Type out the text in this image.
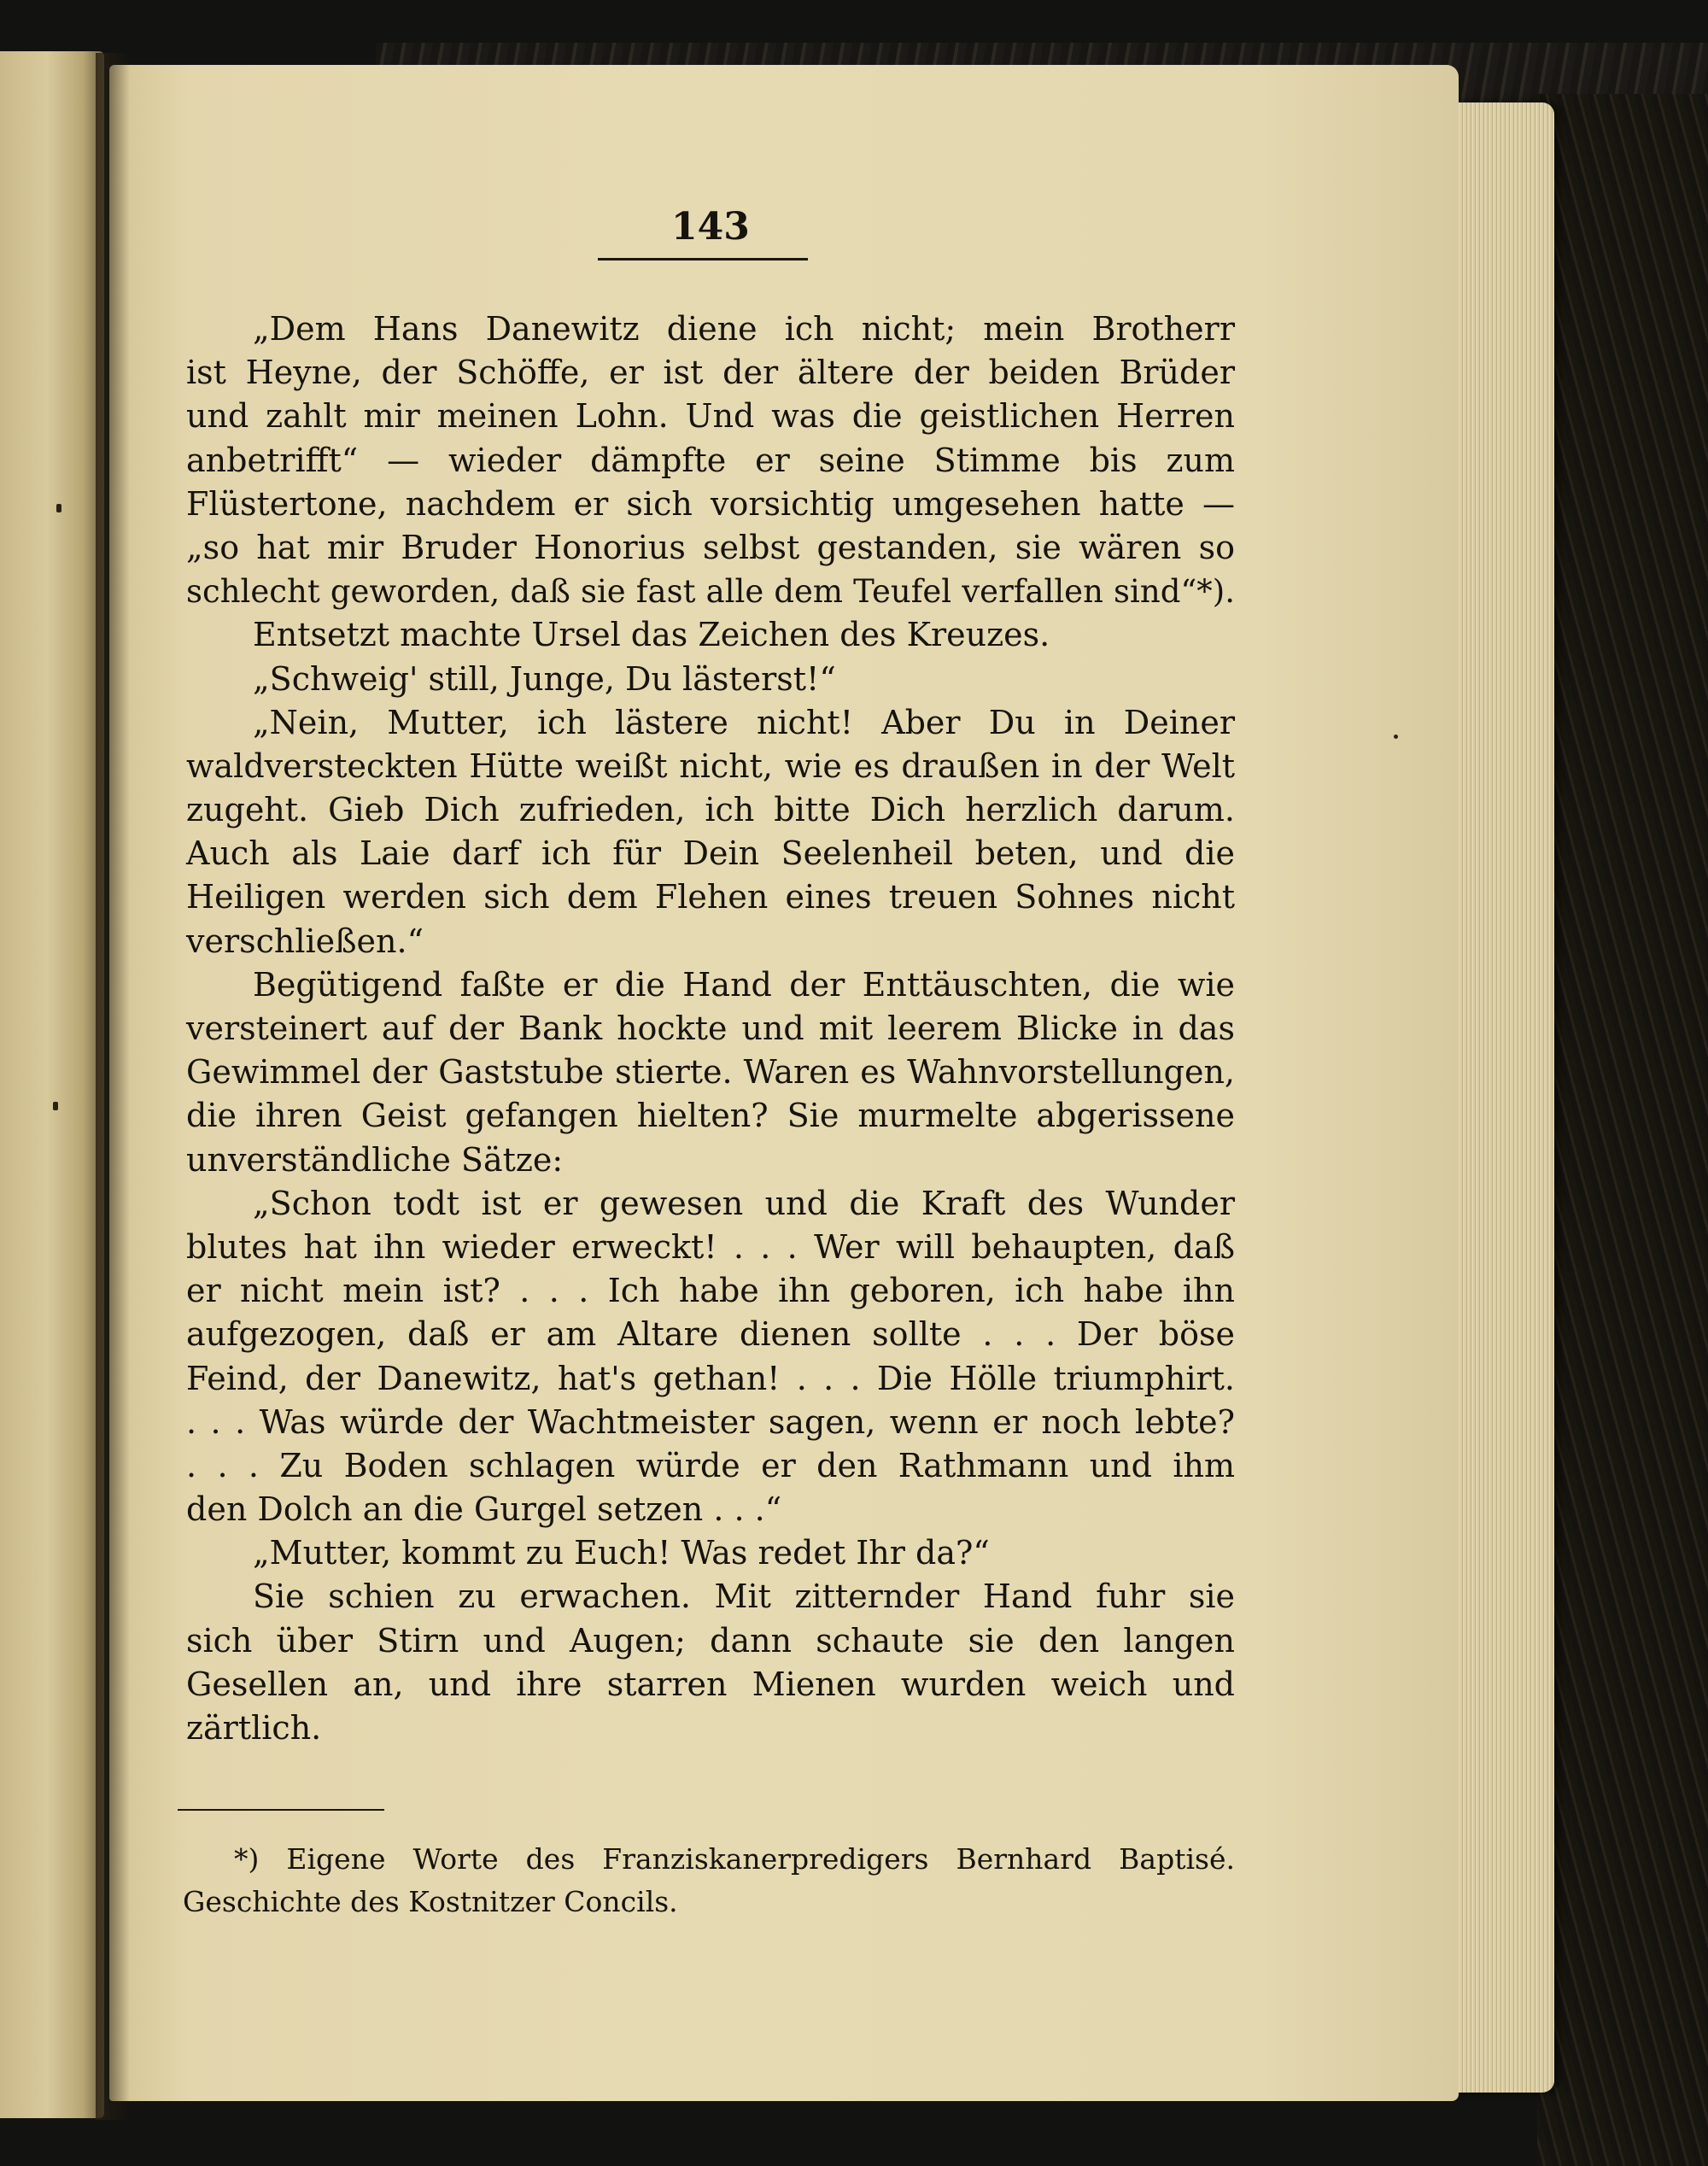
143
„Dem Hans Danewitz diene ich nicht; mein Brotherr
ist Heyne, der Schöffe, er ist der ältere der beiden Brüder
und zahlt mir meinen Lohn. Und was die geistlichen Herren
anbetrifft“ — wieder dämpfte er seine Stimme bis zum
Flüstertone, nachdem er sich vorsichtig umgesehen hatte —
„so hat mir Bruder Honorius selbst gestanden, sie wären so
schlecht geworden, daß sie fast alle dem Teufel verfallen sind“*).
Entsetzt machte Ursel das Zeichen des Kreuzes.
„Schweig' still, Junge, Du lästerst!“
„Nein, Mutter, ich lästere nicht! Aber Du in Deiner
waldversteckten Hütte weißt nicht, wie es draußen in der Welt
zugeht. Gieb Dich zufrieden, ich bitte Dich herzlich darum.
Auch als Laie darf ich für Dein Seelenheil beten, und die
Heiligen werden sich dem Flehen eines treuen Sohnes nicht
verschließen.“
Begütigend faßte er die Hand der Enttäuschten, die wie
versteinert auf der Bank hockte und mit leerem Blicke in das
Gewimmel der Gaststube stierte. Waren es Wahnvorstellungen,
die ihren Geist gefangen hielten? Sie murmelte abgerissene
unverständliche Sätze:
„Schon todt ist er gewesen und die Kraft des Wunder
blutes hat ihn wieder erweckt! . . . Wer will behaupten, daß
er nicht mein ist? . . . Ich habe ihn geboren, ich habe ihn
aufgezogen, daß er am Altare dienen sollte . . . Der böse
Feind, der Danewitz, hat's gethan! . . . Die Hölle triumphirt.
. . . Was würde der Wachtmeister sagen, wenn er noch lebte?
. . . Zu Boden schlagen würde er den Rathmann und ihm
den Dolch an die Gurgel setzen . . .“
„Mutter, kommt zu Euch! Was redet Ihr da?“
Sie schien zu erwachen. Mit zitternder Hand fuhr sie
sich über Stirn und Augen; dann schaute sie den langen
Gesellen an, und ihre starren Mienen wurden weich und
zärtlich.
*) Eigene Worte des Franziskanerpredigers Bernhard Baptisé.
Geschichte des Kostnitzer Concils.
